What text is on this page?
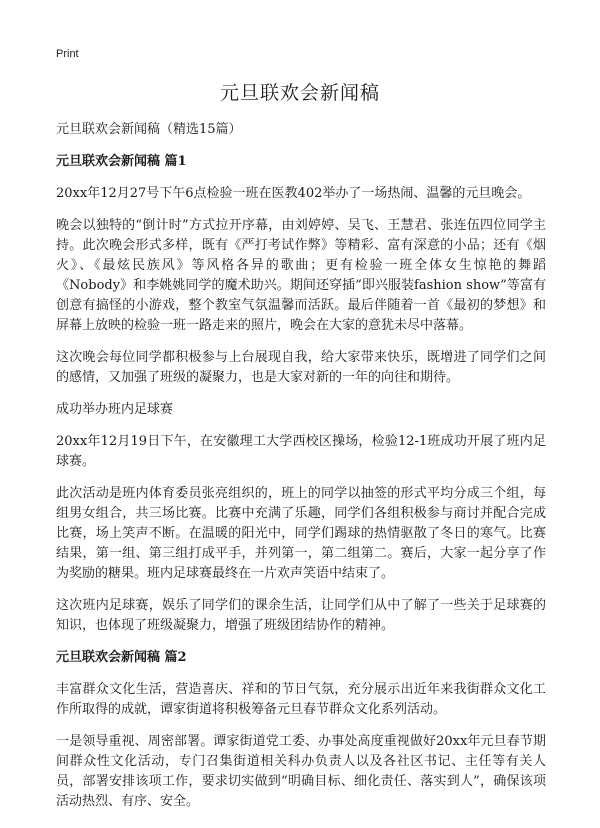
Print
元旦联欢会新闻稿

元旦联欢会新闻稿（精选15篇）

元旦联欢会新闻稿 篇1

20xx年12月27号下午6点检验一班在医教402举办了一场热闹、温馨的元旦晚会。

晚会以独特的“倒计时”方式拉开序幕，由刘婷婷、吴飞、王慧君、张连伍四位同学主持。此次晚会形式多样，既有《严打考试作弊》等精彩、富有深意的小品；还有《烟火》、《最炫民族风》等风格各异的歌曲；更有检验一班全体女生惊艳的舞蹈《Nobody》和李姚姚同学的魔术助兴。期间还穿插“即兴服装fashion show”等富有创意有搞怪的小游戏，整个教室气氛温馨而活跃。最后伴随着一首《最初的梦想》和屏幕上放映的检验一班一路走来的照片，晚会在大家的意犹未尽中落幕。

这次晚会每位同学都积极参与上台展现自我，给大家带来快乐，既增进了同学们之间的感情，又加强了班级的凝聚力，也是大家对新的一年的向往和期待。

成功举办班内足球赛

20xx年12月19日下午，在安徽理工大学西校区操场，检验12-1班成功开展了班内足球赛。

此次活动是班内体育委员张亮组织的，班上的同学以抽签的形式平均分成三个组，每组男女组合，共三场比赛。比赛中充满了乐趣，同学们各组积极参与商讨并配合完成比赛，场上笑声不断。在温暖的阳光中，同学们踢球的热情驱散了冬日的寒气。比赛结果，第一组、第三组打成平手，并列第一，第二组第二。赛后，大家一起分享了作为奖励的糖果。班内足球赛最终在一片欢声笑语中结束了。

这次班内足球赛，娱乐了同学们的课余生活，让同学们从中了解了一些关于足球赛的知识，也体现了班级凝聚力，增强了班级团结协作的精神。

元旦联欢会新闻稿 篇2

丰富群众文化生活，营造喜庆、祥和的节日气氛，充分展示出近年来我街群众文化工作所取得的成就，谭家街道将积极筹备元旦春节群众文化系列活动。

一是领导重视、周密部署。谭家街道党工委、办事处高度重视做好20xx年元旦春节期间群众性文化活动，专门召集街道相关科办负责人以及各社区书记、主任等有关人员，部署安排该项工作，要求切实做到“明确目标、细化责任、落实到人”，确保该项活动热烈、有序、安全。
